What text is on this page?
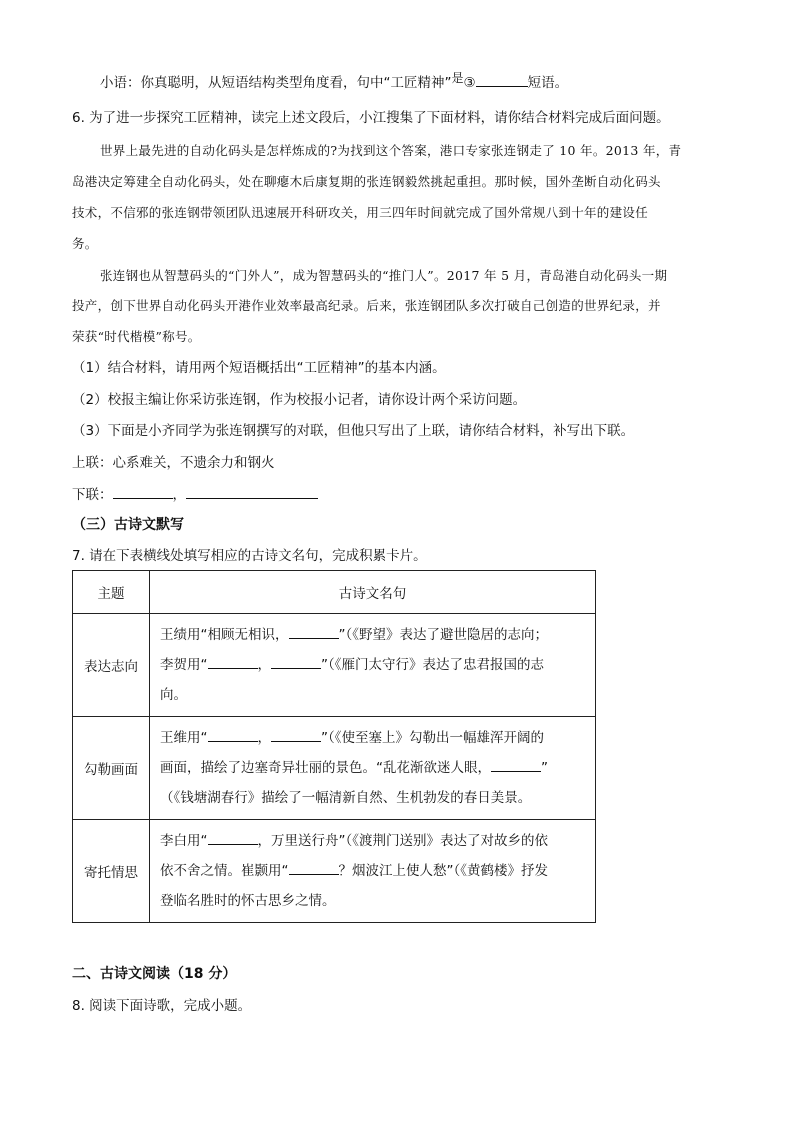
小语：你真聪明，从短语结构类型角度看，句中“工匠精神”是③	短语。
6. 为了进一步探究工匠精神，读完上述文段后，小江搜集了下面材料，请你结合材料完成后面问题。
世界上最先进的自动化码头是怎样炼成的?为找到这个答案，港口专家张连钢走了 10 年。2013 年，青
岛港决定筹建全自动化码头，处在聊瘪木后康复期的张连钢毅然挑起重担。那时候，国外垄断自动化码头
技术，不信邪的张连钢带领团队迅速展开科研攻关，用三四年时间就完成了国外常规八到十年的建设任
务。
张连钢也从智慧码头的“门外人”，成为智慧码头的“推门人”。2017 年 5 月，青岛港自动化码头一期
投产，创下世界自动化码头开港作业效率最高纪录。后来，张连钢团队多次打破自己创造的世界纪录，并
荣获“时代楷模”称号。
（1）结合材料，请用两个短语概括出“工匠精神”的基本内涵。
（2）校报主编让你采访张连钢，作为校报小记者，请你设计两个采访问题。
（3）下面是小齐同学为张连钢撰写的对联，但他只写出了上联，请你结合材料，补写出下联。
上联：心系难关，不遗余力和钢火
下联：	，
（三）古诗文默写
7. 请在下表横线处填写相应的古诗文名句，完成积累卡片。
主题	古诗文名句
表达志向	王绩用“相顾无相识， ”（《野望》表达了避世隐居的志向；
李贺用“ ， ”（《雁门太守行》表达了忠君报国的志
向。

勾勒画面	王维用“ ， ”（《使至塞上》勾勒出一幅雄浑开阔的
画面，描绘了边塞奇异壮丽的景色。“乱花渐欲迷人眼， ”
（《钱塘湖春行》描绘了一幅清新自然、生机勃发的春日美景。

寄托情思	李白用“ ，万里送行舟”（《渡荆门送别》表达了对故乡的依
依不舍之情。崔颢用“ ？烟波江上使人愁”（《黄鹤楼》抒发
登临名胜时的怀古思乡之情。
二、古诗文阅读（18 分）
8. 阅读下面诗歌，完成小题。
